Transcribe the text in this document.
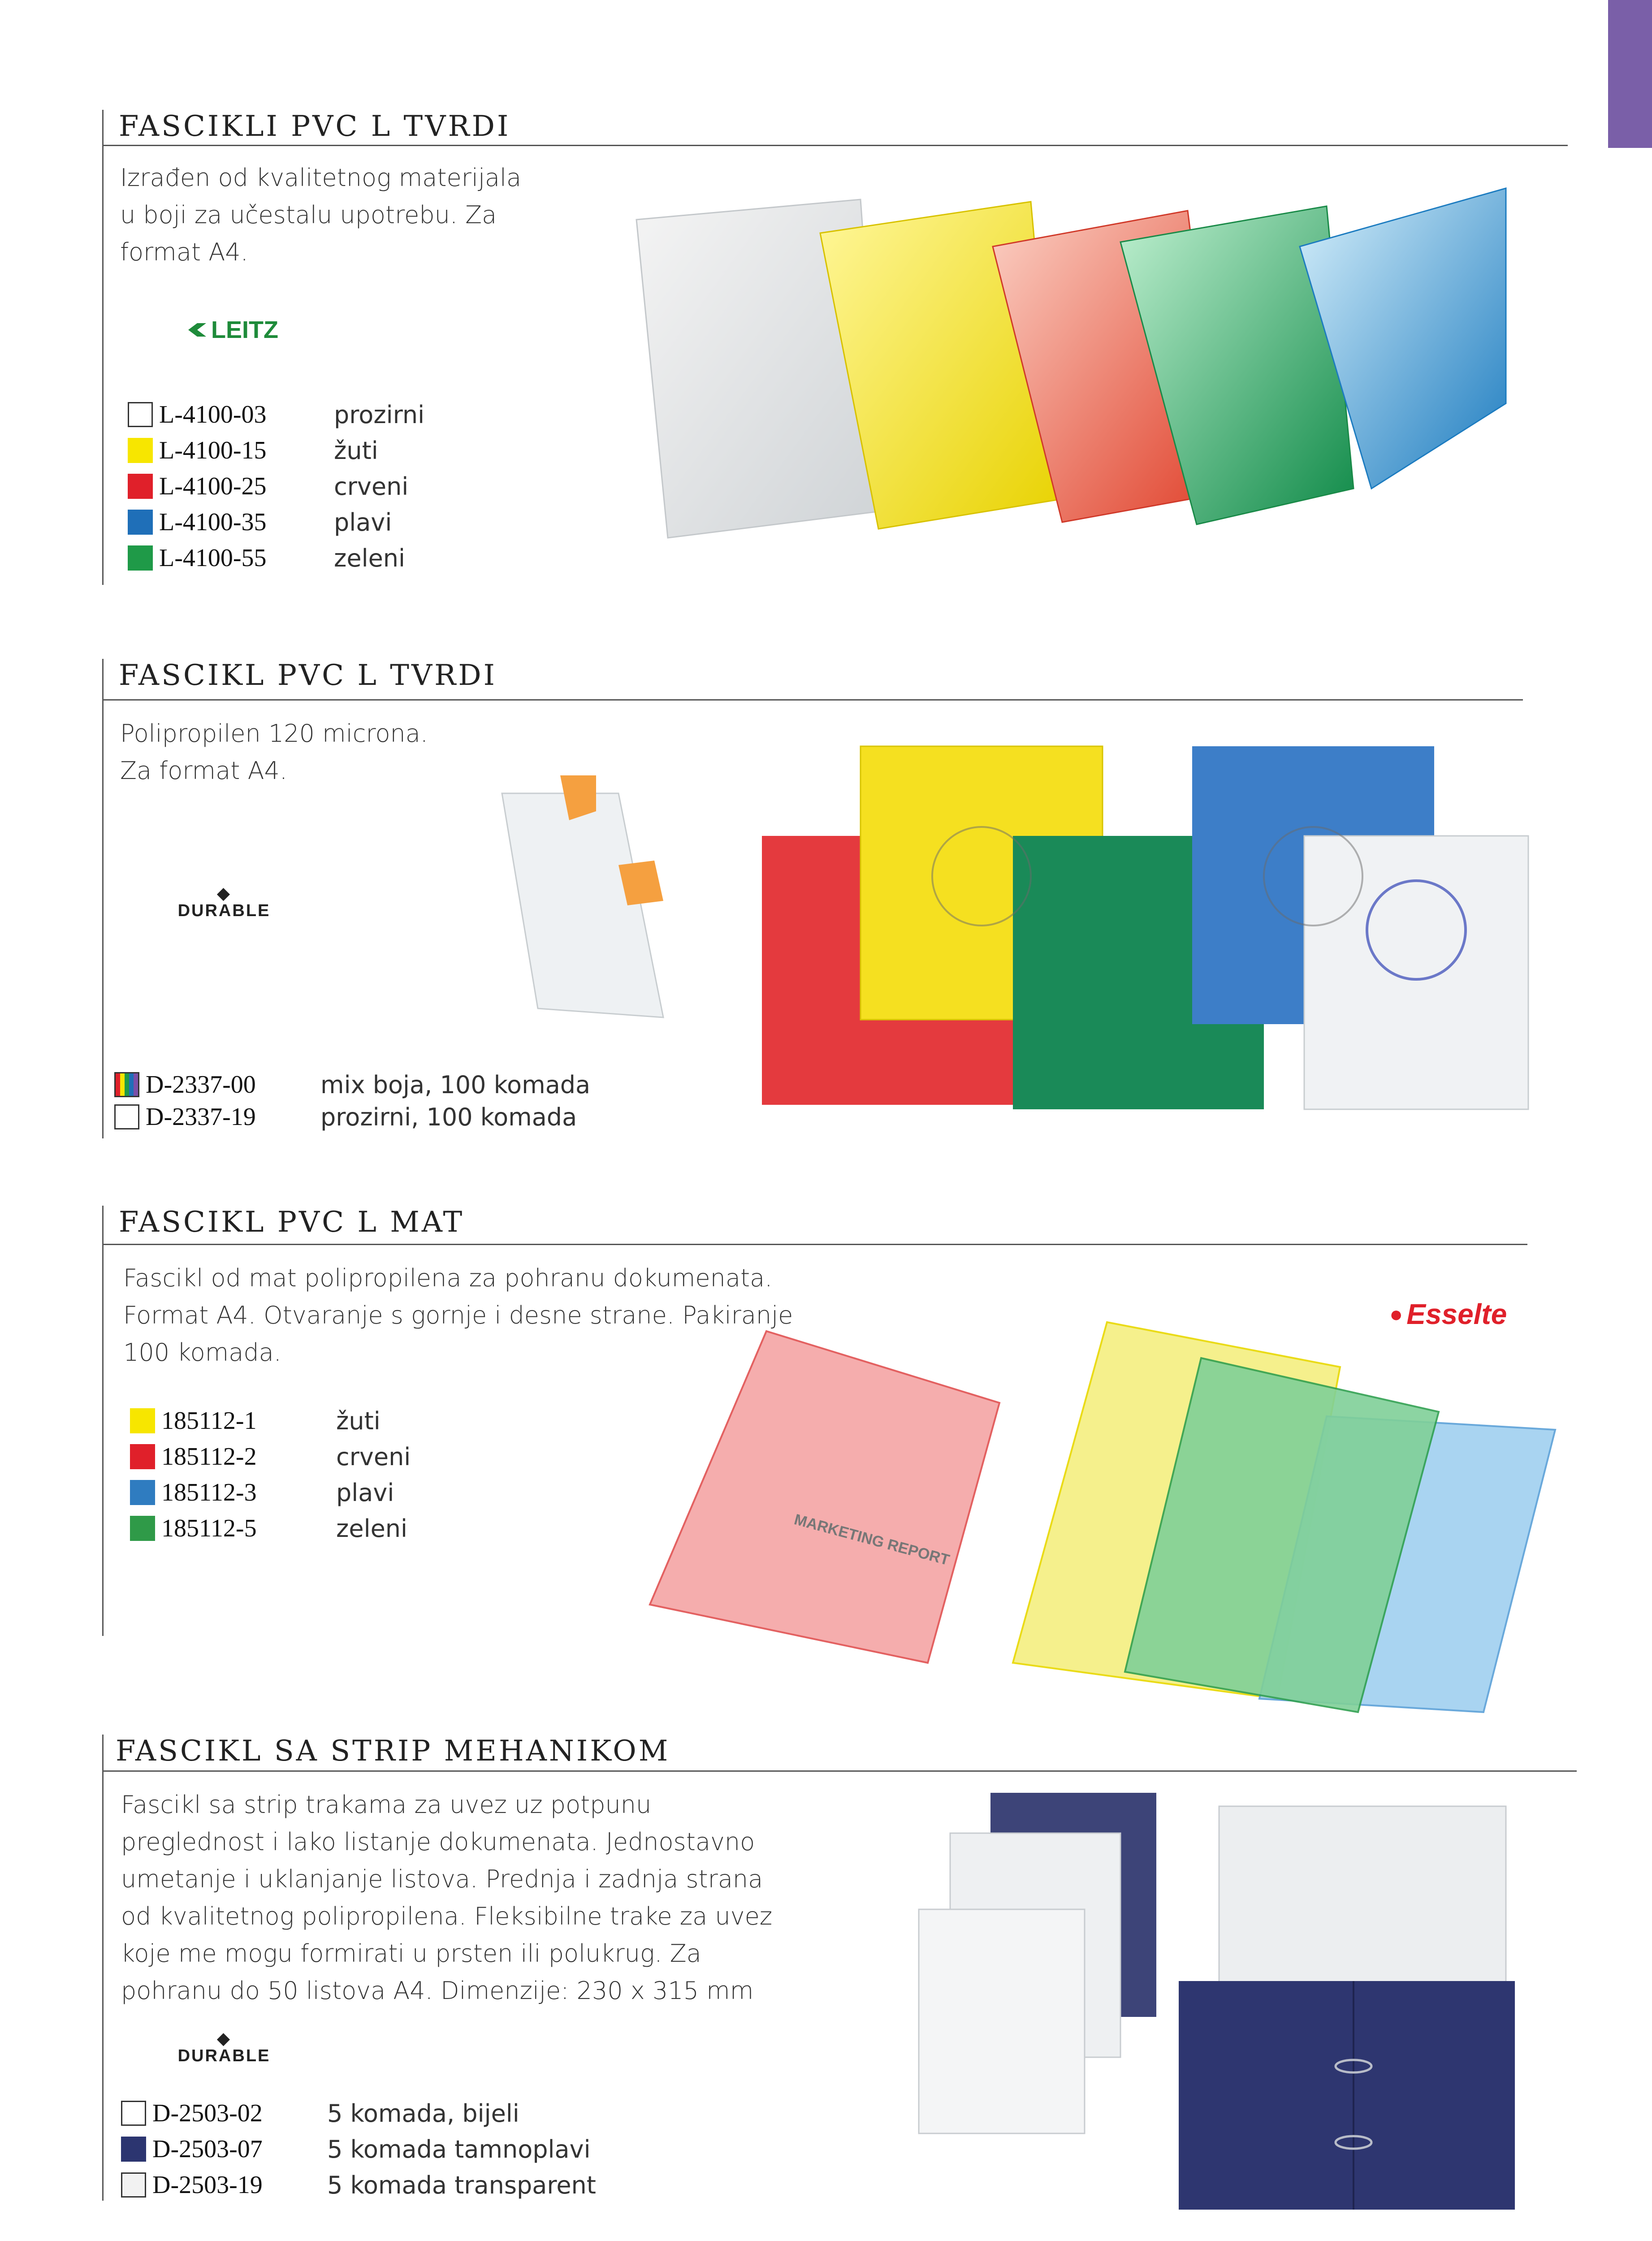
FASCIKLI PVC L TVRDI
Izrađen od kvalitetnog materijala
u boji za učestalu upotrebu. Za
format A4.
LEITZ
L-4100-03	prozirni
L-4100-15	žuti
L-4100-25	crveni
L-4100-35	plavi
L-4100-55	zeleni
FASCIKL PVC L TVRDI
Polipropilen 120 microna.
Za format A4.
◆
DURABLE
D-2337-00	mix boja, 100 komada
D-2337-19	prozirni, 100 komada
FASCIKL PVC L MAT
Fascikl od mat polipropilena za pohranu dokumenata.
Format A4. Otvaranje s gornje i desne strane. Pakiranje
100 komada.
● Esselte
185112-1	žuti
185112-2	crveni
185112-3	plavi
185112-5	zeleni	MARKETING REPORT
FASCIKL SA STRIP MEHANIKOM
Fascikl sa strip trakama za uvez uz potpunu
preglednost i lako listanje dokumenata. Jednostavno
umetanje i uklanjanje listova. Prednja i zadnja strana
od kvalitetnog polipropilena. Fleksibilne trake za uvez
koje me mogu formirati u prsten ili polukrug. Za
pohranu do 50 listova A4. Dimenzije: 230 x 315 mm
◆
DURABLE
D-2503-02	5 komada, bijeli
D-2503-07	5 komada tamnoplavi
D-2503-19	5 komada transparent
